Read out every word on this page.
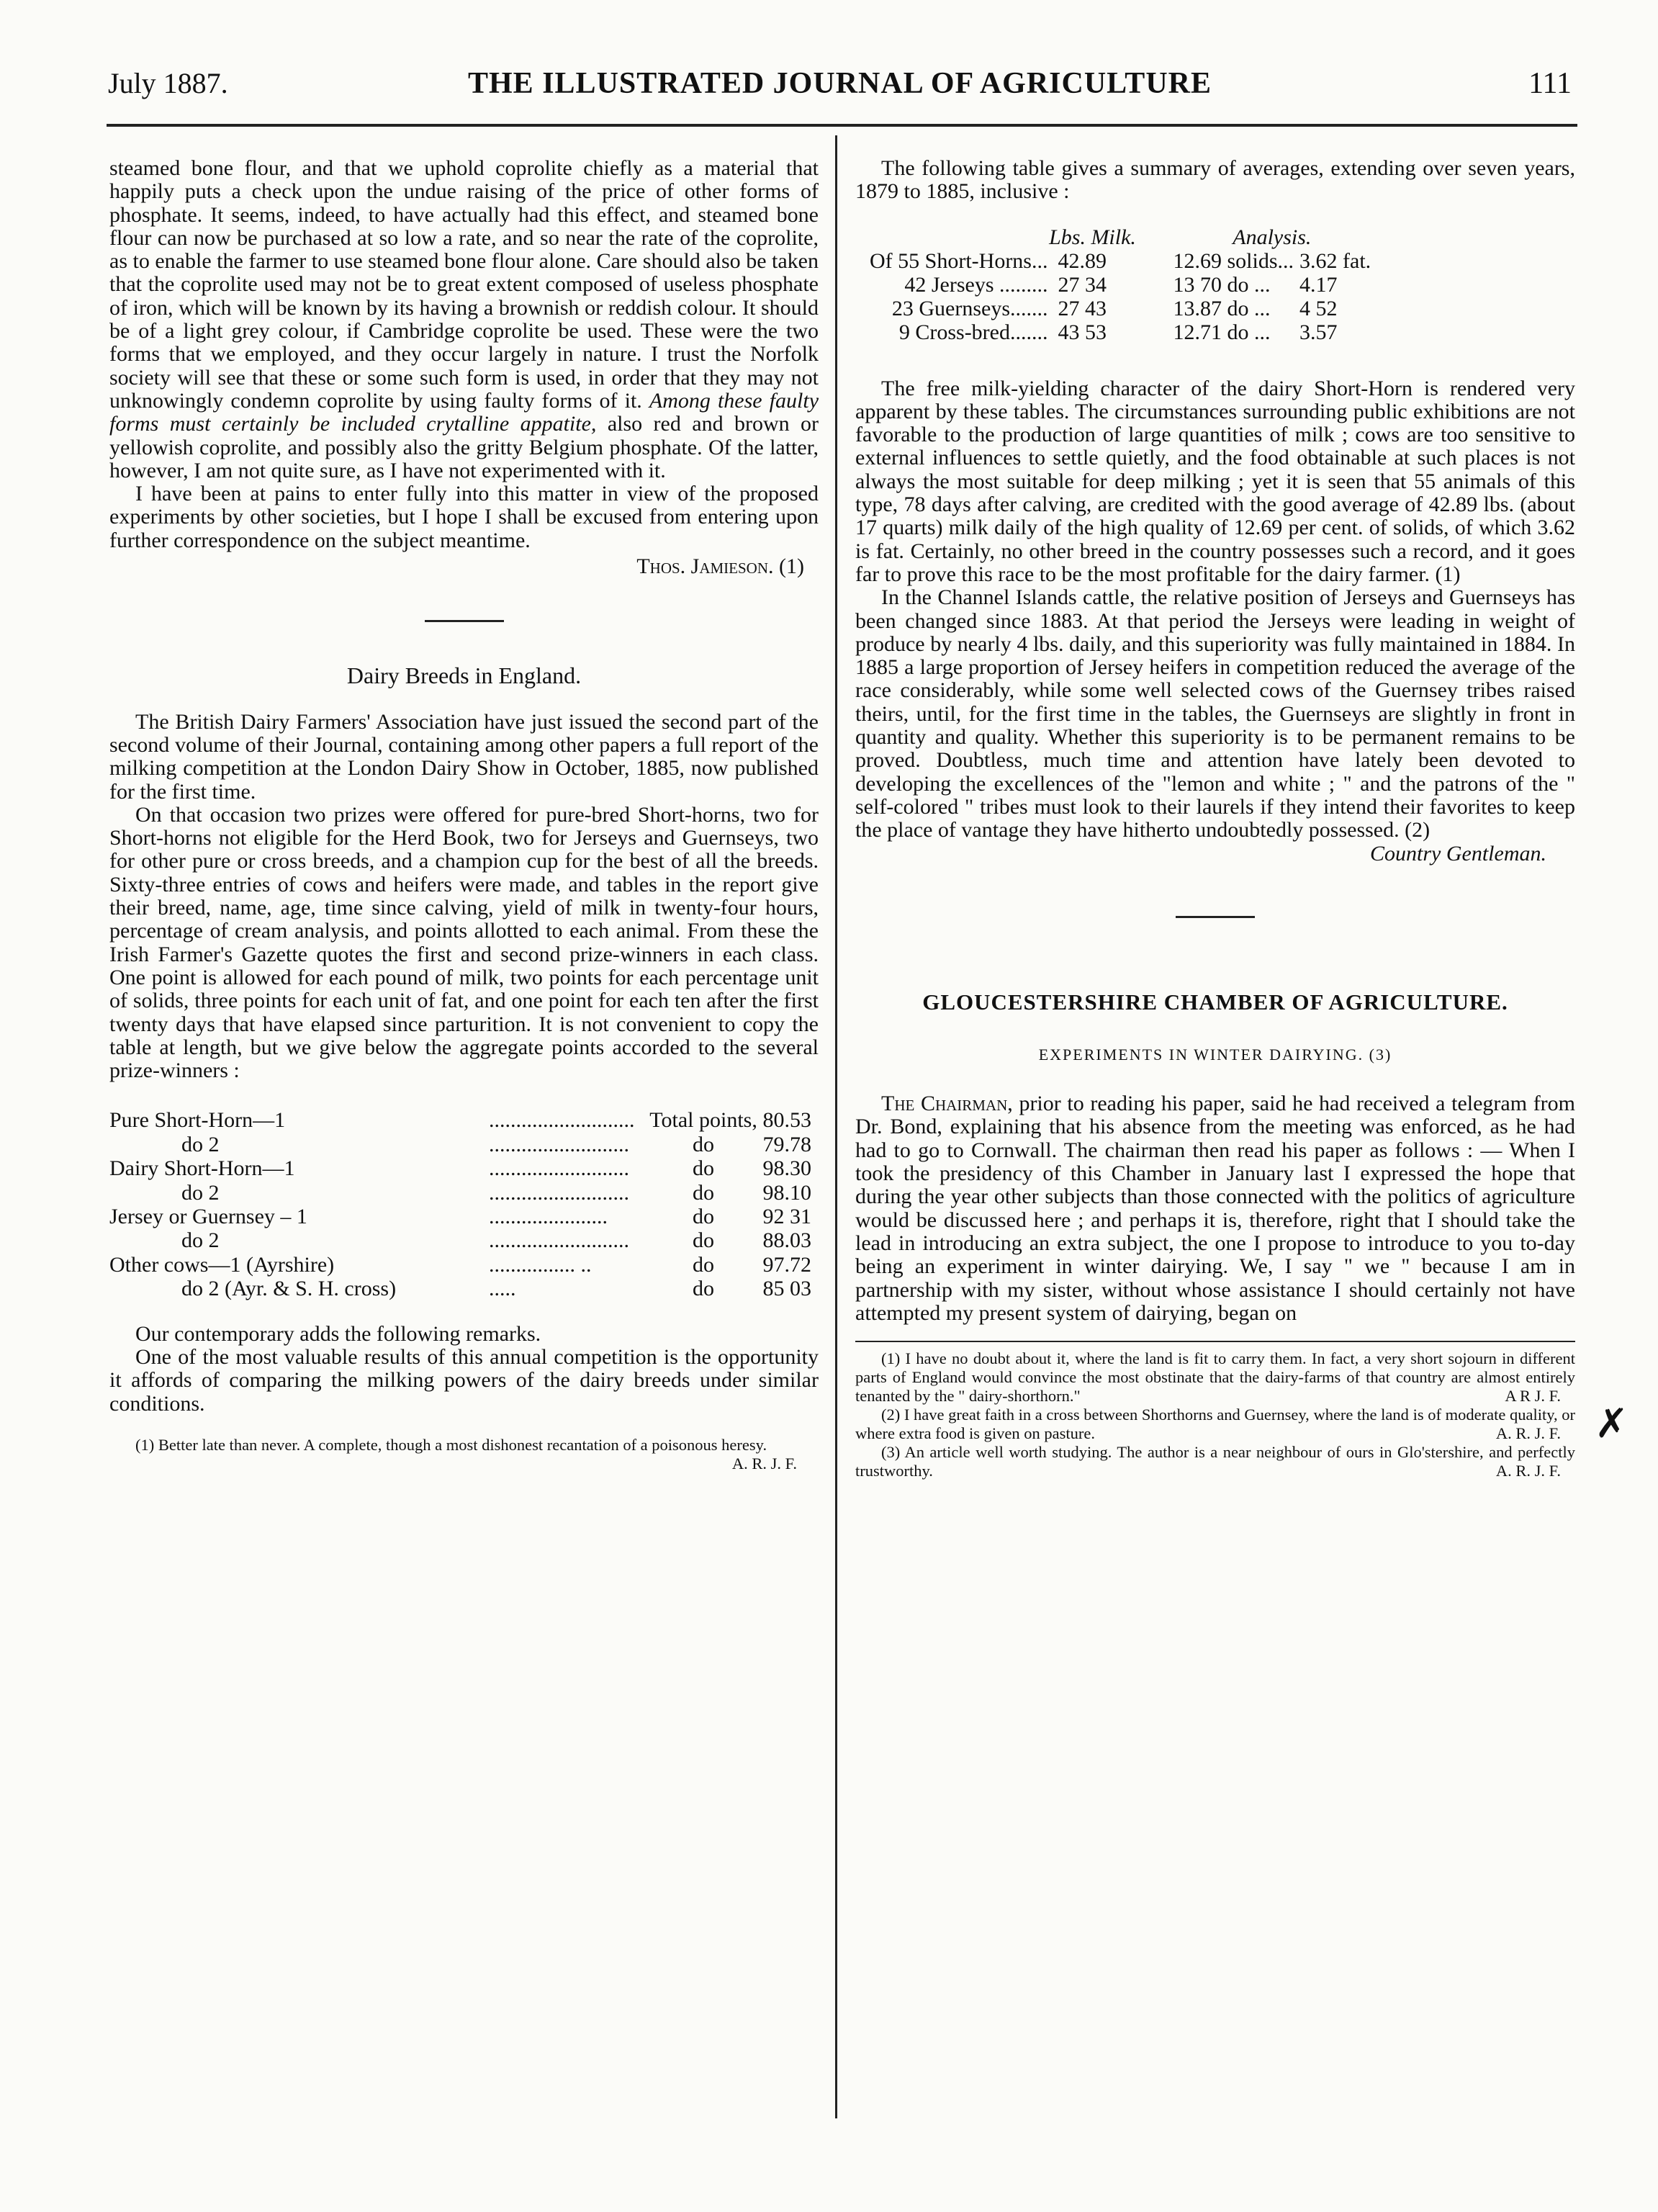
July 1887.	THE ILLUSTRATED JOURNAL OF AGRICULTURE	111

steamed bone flour, and that we uphold coprolite chiefly as a material that happily puts a check upon the undue raising of the price of other forms of phosphate. It seems, indeed, to have actually had this effect, and steamed bone flour can now be purchased at so low a rate, and so near the rate of the coprolite, as to enable the farmer to use steamed bone flour alone. Care should also be taken that the coprolite used may not be to great extent composed of useless phosphate of iron, which will be known by its having a brownish or reddish colour. It should be of a light grey colour, if Cambridge coprolite be used. These were the two forms that we employed, and they occur largely in nature. I trust the Norfolk society will see that these or some such form is used, in order that they may not unknowingly condemn coprolite by using faulty forms of it. Among these faulty forms must certainly be included crytalline appatite, also red and brown or yellowish coprolite, and possibly also the gritty Belgium phosphate. Of the latter, however, I am not quite sure, as I have not experimented with it.

I have been at pains to enter fully into this matter in view of the proposed experiments by other societies, but I hope I shall be excused from entering upon further correspondence on the subject meantime.

Thos. Jamieson. (1)
Dairy Breeds in England.

The British Dairy Farmers' Association have just issued the second part of the second volume of their Journal, containing among other papers a full report of the milking competition at the London Dairy Show in October, 1885, now published for the first time.

On that occasion two prizes were offered for pure-bred Short-horns, two for Short-horns not eligible for the Herd Book, two for Jerseys and Guernseys, two for other pure or cross breeds, and a champion cup for the best of all the breeds. Sixty-three entries of cows and heifers were made, and tables in the report give their breed, name, age, time since calving, yield of milk in twenty-four hours, percentage of cream analysis, and points allotted to each animal. From these the Irish Farmer's Gazette quotes the first and second prize-winners in each class. One point is allowed for each pound of milk, two points for each percentage unit of solids, three points for each unit of fat, and one point for each ten after the first twenty days that have elapsed since parturition. It is not convenient to copy the table at length, but we give below the aggregate points accorded to the several prize-winners :

Pure Short-Horn—1	...........................	Total points,	80.53
do 2	..........................	do	79.78
Dairy Short-Horn—1	..........................	do	98.30
do 2	..........................	do	98.10
Jersey or Guernsey – 1	......................	do	92 31
do 2	..........................	do	88.03
Other cows—1 (Ayrshire)	................ ..	do	97.72
do 2 (Ayr. & S. H. cross)	.....	do	85 03

Our contemporary adds the following remarks.

One of the most valuable results of this annual competition is the opportunity it affords of comparing the milking powers of the dairy breeds under similar conditions.

(1) Better late than never. A complete, though a most dishonest recantation of a poisonous heresy.

A. R. J. F.

The following table gives a summary of averages, extending over seven years, 1879 to 1885, inclusive :

	Lbs. Milk.	Analysis.	
Of 55 Short-Horns...	42.89	12.69 solids...	3.62 fat.
42 Jerseys .........	27 34	13 70 do ...	4.17
23 Guernseys.......	27 43	13.87 do ...	4 52
9 Cross-bred.......	43 53	12.71 do ...	3.57

The free milk-yielding character of the dairy Short-Horn is rendered very apparent by these tables. The circumstances surrounding public exhibitions are not favorable to the production of large quantities of milk ; cows are too sensitive to external influences to settle quietly, and the food obtainable at such places is not always the most suitable for deep milking ; yet it is seen that 55 animals of this type, 78 days after calving, are credited with the good average of 42.89 lbs. (about 17 quarts) milk daily of the high quality of 12.69 per cent. of solids, of which 3.62 is fat. Certainly, no other breed in the country possesses such a record, and it goes far to prove this race to be the most profitable for the dairy farmer. (1)

In the Channel Islands cattle, the relative position of Jerseys and Guernseys has been changed since 1883. At that period the Jerseys were leading in weight of produce by nearly 4 lbs. daily, and this superiority was fully maintained in 1884. In 1885 a large proportion of Jersey heifers in competition reduced the average of the race considerably, while some well selected cows of the Guernsey tribes raised theirs, until, for the first time in the tables, the Guernseys are slightly in front in quantity and quality. Whether this superiority is to be permanent remains to be proved. Doubtless, much time and attention have lately been devoted to developing the excellences of the "lemon and white ; " and the patrons of the " self-colored " tribes must look to their laurels if they intend their favorites to keep the place of vantage they have hitherto undoubtedly possessed. (2)

Country Gentleman.
GLOUCESTERSHIRE CHAMBER OF AGRICULTURE.
EXPERIMENTS IN WINTER DAIRYING. (3)

The Chairman, prior to reading his paper, said he had received a telegram from Dr. Bond, explaining that his absence from the meeting was enforced, as he had had to go to Cornwall. The chairman then read his paper as follows : — When I took the presidency of this Chamber in January last I expressed the hope that during the year other subjects than those connected with the politics of agriculture would be discussed here ; and perhaps it is, therefore, right that I should take the lead in introducing an extra subject, the one I propose to introduce to you to-day being an experiment in winter dairying. We, I say " we " because I am in partnership with my sister, without whose assistance I should certainly not have attempted my present system of dairying, began on

(1) I have no doubt about it, where the land is fit to carry them. In fact, a very short sojourn in different parts of England would convince the most obstinate that the dairy-farms of that country are almost entirely tenanted by the " dairy-shorthorn."	A R J. F.

(2) I have great faith in a cross between Shorthorns and Guernsey, where the land is of moderate quality, or where extra food is given on pasture.	A. R. J. F.

(3) An article well worth studying. The author is a near neighbour of ours in Glo'stershire, and perfectly trustworthy.	A. R. J. F.

✗
